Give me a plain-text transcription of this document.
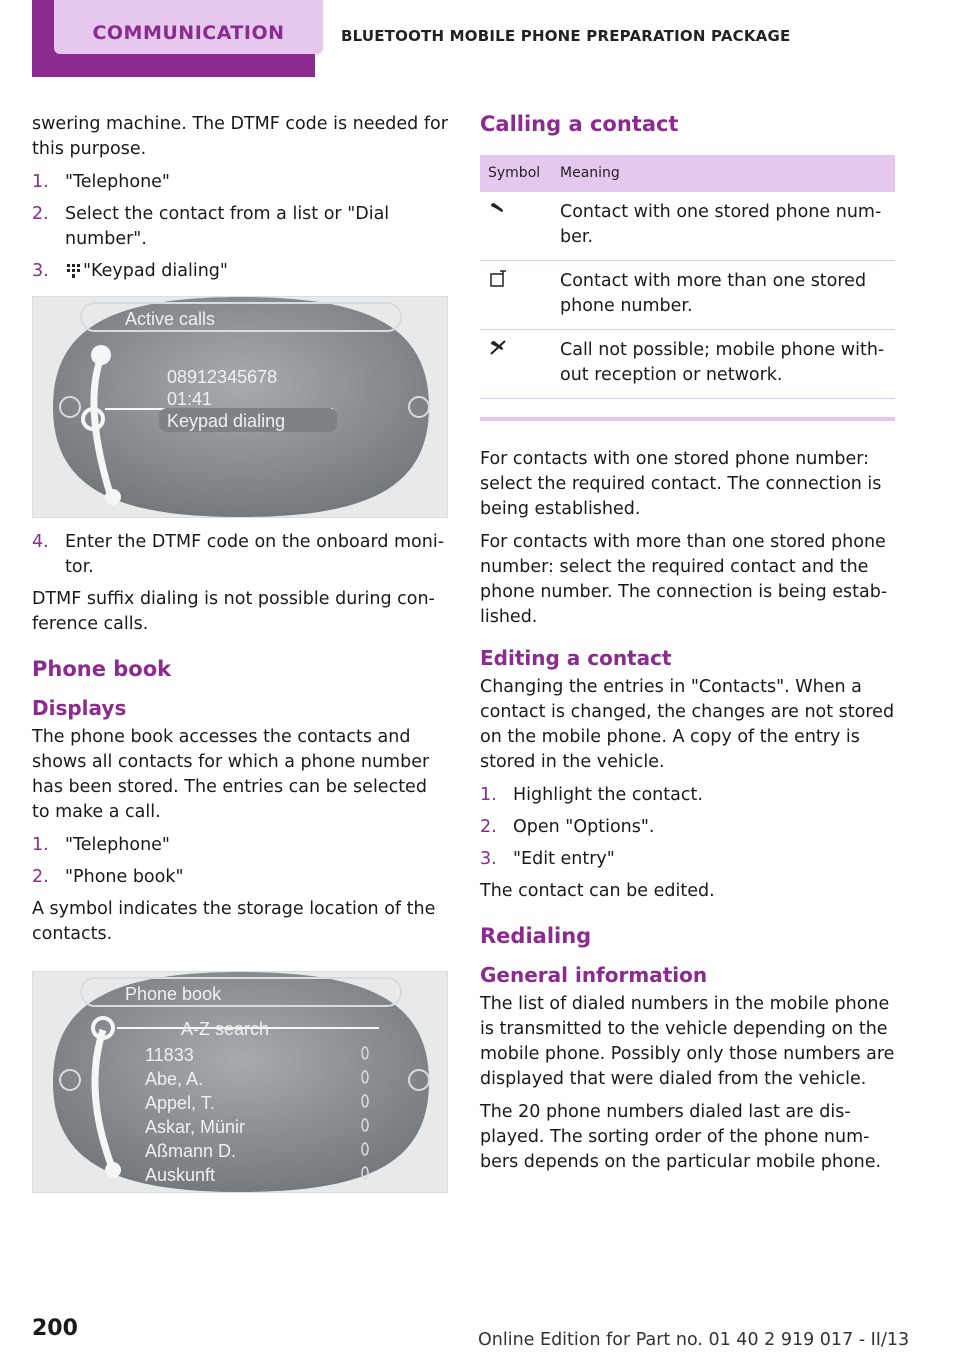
COMMUNICATION	BLUETOOTH MOBILE PHONE PREPARATION PACKAGE

swering machine. The DTMF code is needed for this purpose.

1. "Telephone"
2. Select the contact from a list or "Dial number".
3.	"Keypad dialing"
Active calls
08912345678
01:41
Keypad dialing
4. Enter the DTMF code on the onboard moni-tor.

DTMF suffix dialing is not possible during con-ference calls.

Phone book
Displays

The phone book accesses the contacts and shows all contacts for which a phone number has been stored. The entries can be selected to make a call.

1. "Telephone"
2. "Phone book"

A symbol indicates the storage location of the contacts.

Phone book
A-Z search
11833
Abe, A.
Appel, T.
Askar, Münir
Aßmann D.
Auskunft
Calling a contact
Symbol	Meaning
	Contact with one stored phone num-ber.
	Contact with more than one stored phone number.
	Call not possible; mobile phone with-out reception or network.

For contacts with one stored phone number: select the required contact. The connection is being established.

For contacts with more than one stored phone number: select the required contact and the phone number. The connection is being estab-lished.

Editing a contact

Changing the entries in "Contacts". When a contact is changed, the changes are not stored on the mobile phone. A copy of the entry is stored in the vehicle.

1. Highlight the contact.
2. Open "Options".
3. "Edit entry"

The contact can be edited.

Redialing
General information

The list of dialed numbers in the mobile phone is transmitted to the vehicle depending on the mobile phone. Possibly only those numbers are displayed that were dialed from the vehicle.

The 20 phone numbers dialed last are dis-played. The sorting order of the phone num-bers depends on the particular mobile phone.

200	Online Edition for Part no. 01 40 2 919 017 - II/13
